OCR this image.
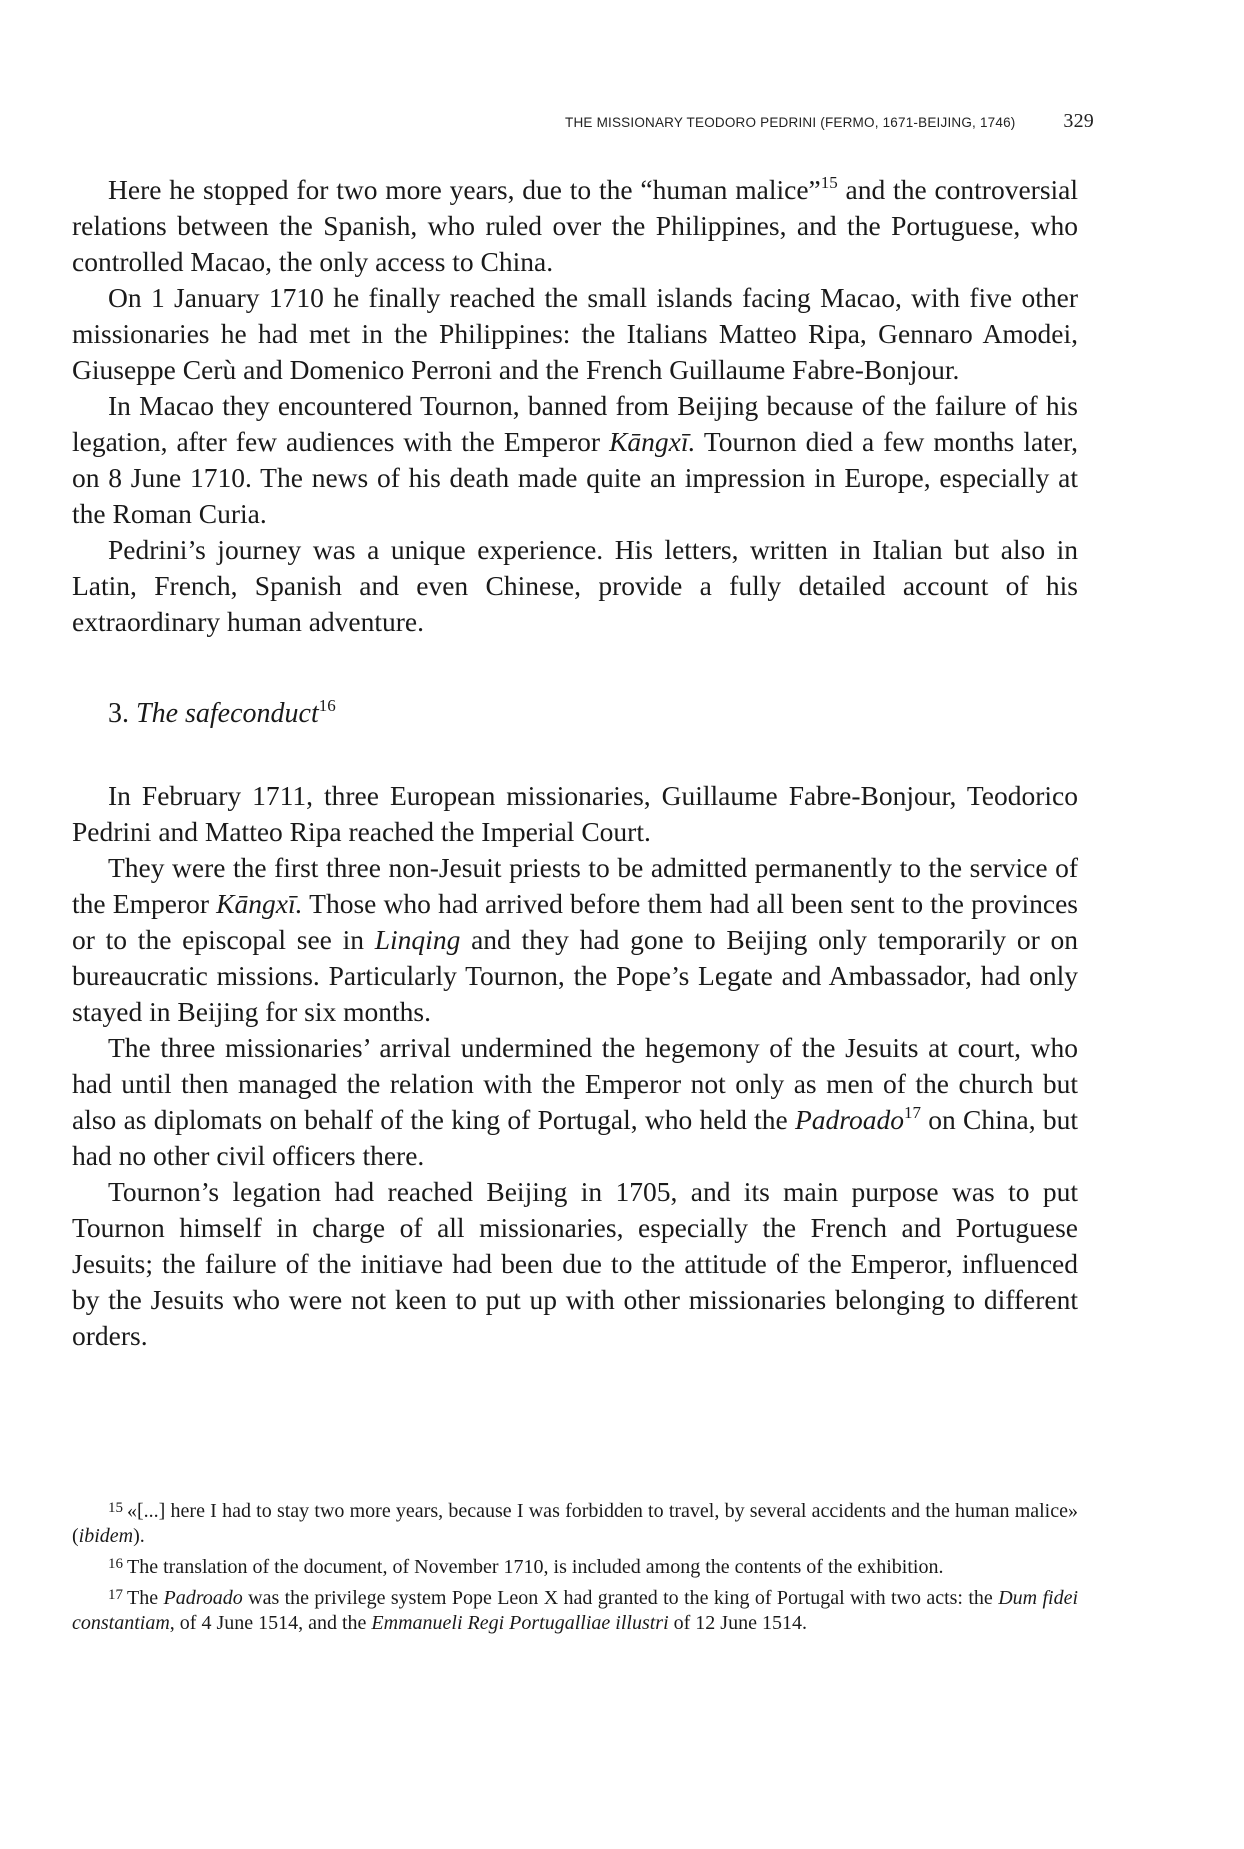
THE MISSIONARY TEODORO PEDRINI (FERMO, 1671-BEIJING, 1746) 329

Here he stopped for two more years, due to the “human malice”$^{15}$ and the controversial relations between the Spanish, who ruled over the Philippines, and the Portuguese, who controlled Macao, the only access to China.

On 1 January 1710 he finally reached the small islands facing Macao, with five other missionaries he had met in the Philippines: the Italians Matteo Ripa, Gennaro Amodei, Giuseppe Cerù and Domenico Perroni and the French Guillaume Fabre-Bonjour.

In Macao they encountered Tournon, banned from Beijing because of the failure of his legation, after few audiences with the Emperor Kāngxī. Tournon died a few months later, on 8 June 1710. The news of his death made quite an impression in Europe, especially at the Roman Curia.

Pedrini’s journey was a unique experience. His letters, written in Italian but also in Latin, French, Spanish and even Chinese, provide a fully detailed account of his extraordinary human adventure.

3. The safeconduct$^{16}$

In February 1711, three European missionaries, Guillaume Fabre-Bonjour, Teodorico Pedrini and Matteo Ripa reached the Imperial Court.

They were the first three non-Jesuit priests to be admitted permanently to the service of the Emperor Kāngxī. Those who had arrived before them had all been sent to the provinces or to the episcopal see in Linqing and they had gone to Beijing only temporarily or on bureaucratic missions. Particularly Tournon, the Pope’s Legate and Ambassador, had only stayed in Beijing for six months.

The three missionaries’ arrival undermined the hegemony of the Jesuits at court, who had until then managed the relation with the Emperor not only as men of the church but also as diplomats on behalf of the king of Portugal, who held the Padroado$^{17}$ on China, but had no other civil officers there.

Tournon’s legation had reached Beijing in 1705, and its main purpose was to put Tournon himself in charge of all missionaries, especially the French and Portuguese Jesuits; the failure of the initiave had been due to the attitude of the Emperor, influenced by the Jesuits who were not keen to put up with other missionaries belonging to different orders.

$^{15}$ «[...] here I had to stay two more years, because I was forbidden to travel, by several accidents and the human malice» (ibidem).

$^{16}$ The translation of the document, of November 1710, is included among the contents of the exhibition.

$^{17}$ The Padroado was the privilege system Pope Leon X had granted to the king of Portugal with two acts: the Dum fidei constantiam, of 4 June 1514, and the Emmanueli Regi Portugalliae illustri of 12 June 1514.
